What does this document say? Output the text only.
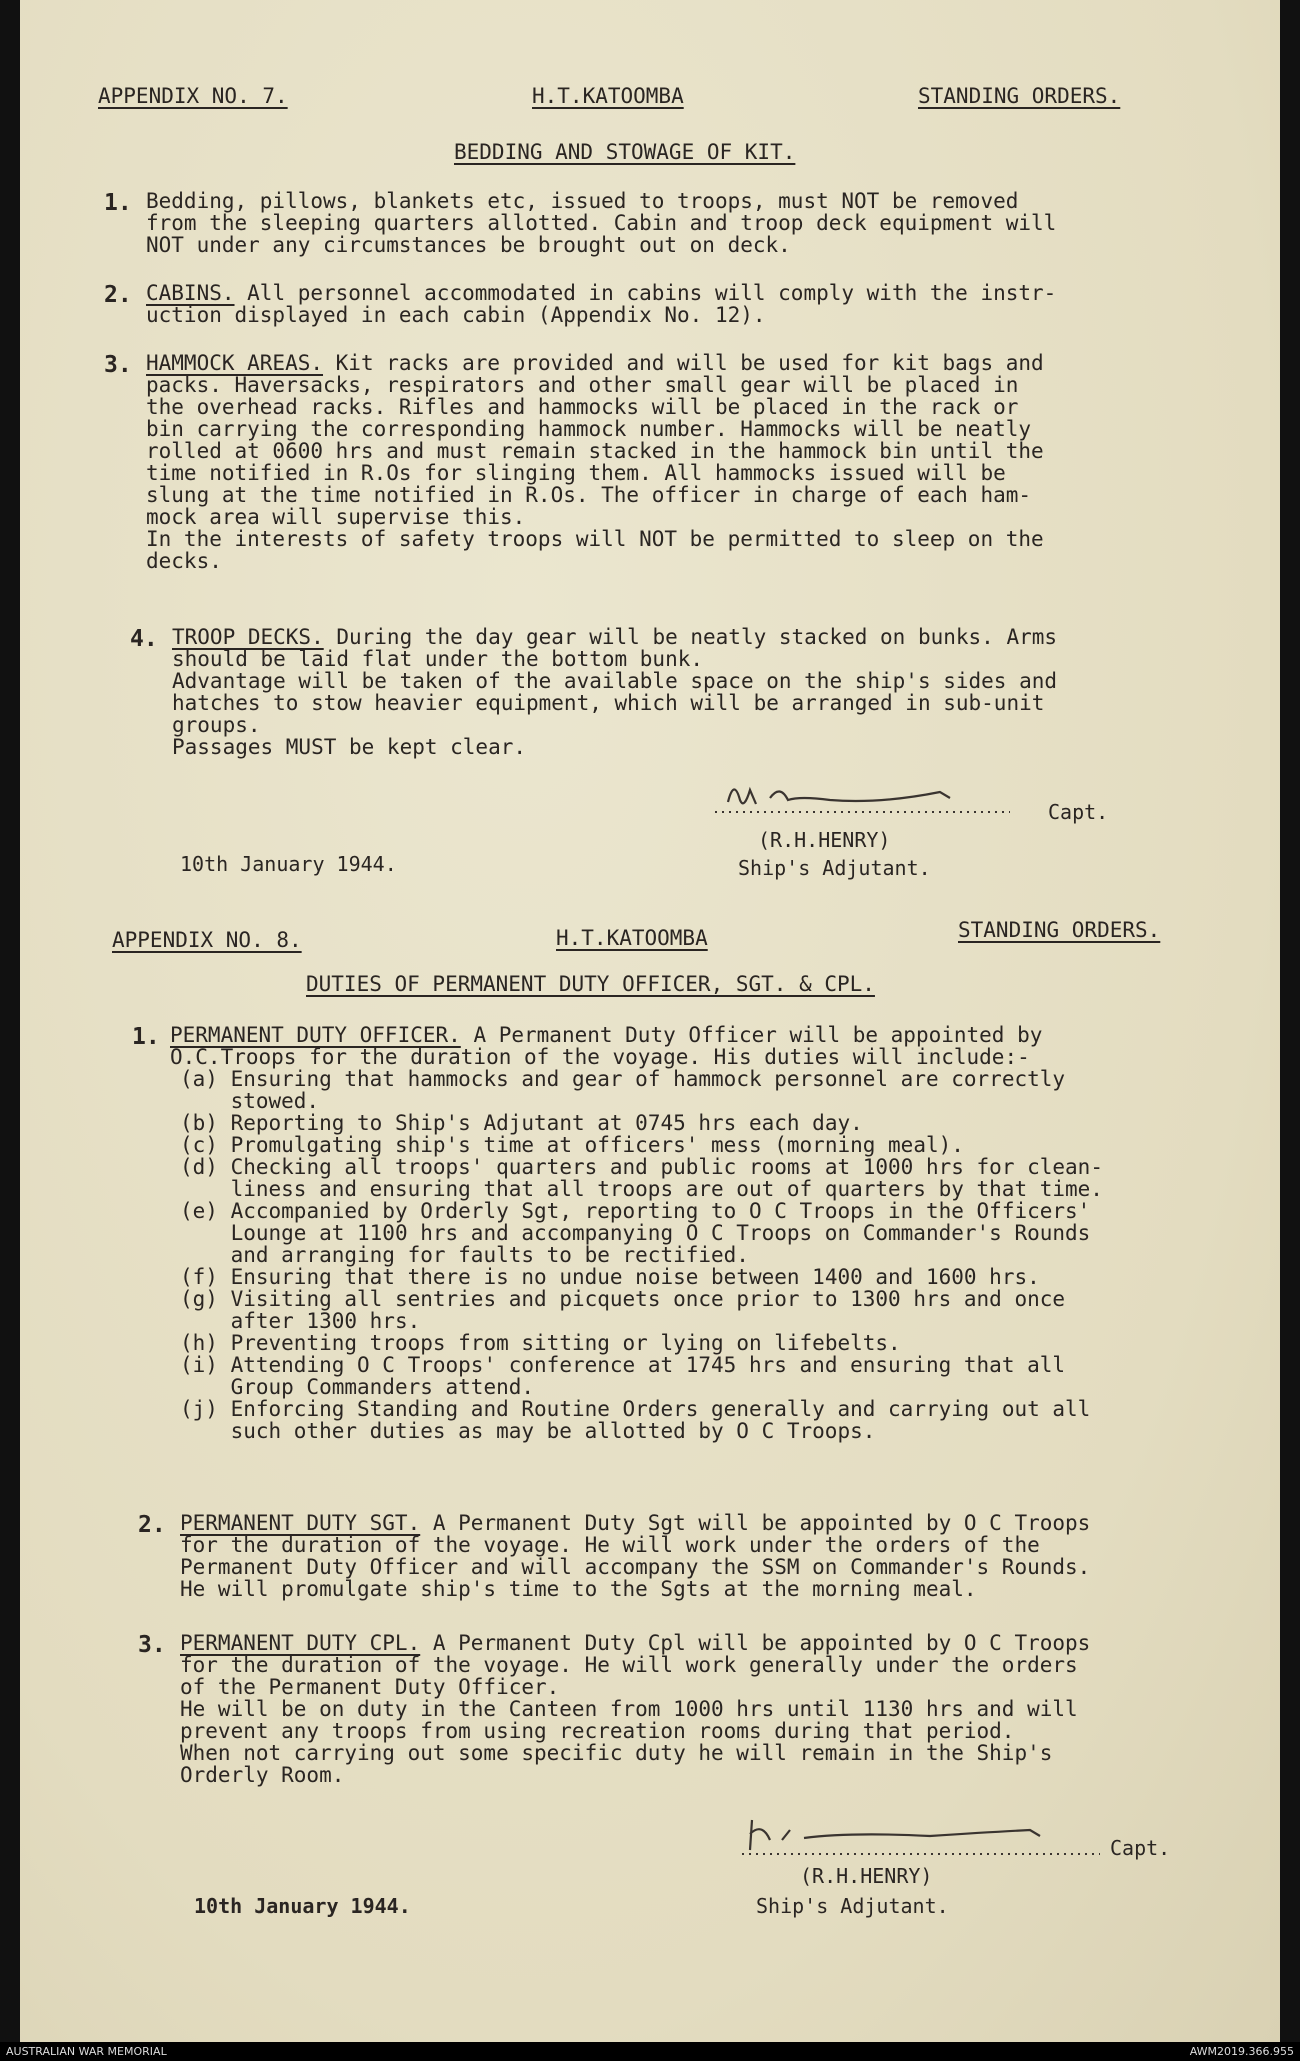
APPENDIX NO. 7.	H.T.KATOOMBA	STANDING ORDERS.
BEDDING AND STOWAGE OF KIT.
1. Bedding, pillows, blankets etc, issued to troops, must NOT be removed
from the sleeping quarters allotted. Cabin and troop deck equipment will
NOT under any circumstances be brought out on deck.
2. CABINS. All personnel accommodated in cabins will comply with the instr-
uction displayed in each cabin (Appendix No. 12).
3. HAMMOCK AREAS. Kit racks are provided and will be used for kit bags and
packs. Haversacks, respirators and other small gear will be placed in
the overhead racks. Rifles and hammocks will be placed in the rack or
bin carrying the corresponding hammock number. Hammocks will be neatly
rolled at 0600 hrs and must remain stacked in the hammock bin until the
time notified in R.Os for slinging them. All hammocks issued will be
slung at the time notified in R.Os. The officer in charge of each ham-
mock area will supervise this.
In the interests of safety troops will NOT be permitted to sleep on the
decks.
4. TROOP DECKS. During the day gear will be neatly stacked on bunks. Arms
should be laid flat under the bottom bunk.
Advantage will be taken of the available space on the ship's sides and
hatches to stow heavier equipment, which will be arranged in sub-unit
groups.
Passages MUST be kept clear.
Capt.
(R.H.HENRY)
Ship's Adjutant.
10th January 1944.
APPENDIX NO. 8.	H.T.KATOOMBA	STANDING ORDERS.
DUTIES OF PERMANENT DUTY OFFICER, SGT. & CPL.
1. PERMANENT DUTY OFFICER. A Permanent Duty Officer will be appointed by
O.C.Troops for the duration of the voyage. His duties will include:-
(a) Ensuring that hammocks and gear of hammock personnel are correctly
stowed.
(b) Reporting to Ship's Adjutant at 0745 hrs each day.
(c) Promulgating ship's time at officers' mess (morning meal).
(d) Checking all troops' quarters and public rooms at 1000 hrs for clean-
liness and ensuring that all troops are out of quarters by that time.
(e) Accompanied by Orderly Sgt, reporting to O C Troops in the Officers'
Lounge at 1100 hrs and accompanying O C Troops on Commander's Rounds
and arranging for faults to be rectified.
(f) Ensuring that there is no undue noise between 1400 and 1600 hrs.
(g) Visiting all sentries and picquets once prior to 1300 hrs and once
after 1300 hrs.
(h) Preventing troops from sitting or lying on lifebelts.
(i) Attending O C Troops' conference at 1745 hrs and ensuring that all
Group Commanders attend.
(j) Enforcing Standing and Routine Orders generally and carrying out all
such other duties as may be allotted by O C Troops.
2. PERMANENT DUTY SGT. A Permanent Duty Sgt will be appointed by O C Troops
for the duration of the voyage. He will work under the orders of the
Permanent Duty Officer and will accompany the SSM on Commander's Rounds.
He will promulgate ship's time to the Sgts at the morning meal.
3. PERMANENT DUTY CPL. A Permanent Duty Cpl will be appointed by O C Troops
for the duration of the voyage. He will work generally under the orders
of the Permanent Duty Officer.
He will be on duty in the Canteen from 1000 hrs until 1130 hrs and will
prevent any troops from using recreation rooms during that period.
When not carrying out some specific duty he will remain in the Ship's
Orderly Room.
Capt.
(R.H.HENRY)
Ship's Adjutant.
10th January 1944.
AUSTRALIAN WAR MEMORIAL	AWM2019.366.955
